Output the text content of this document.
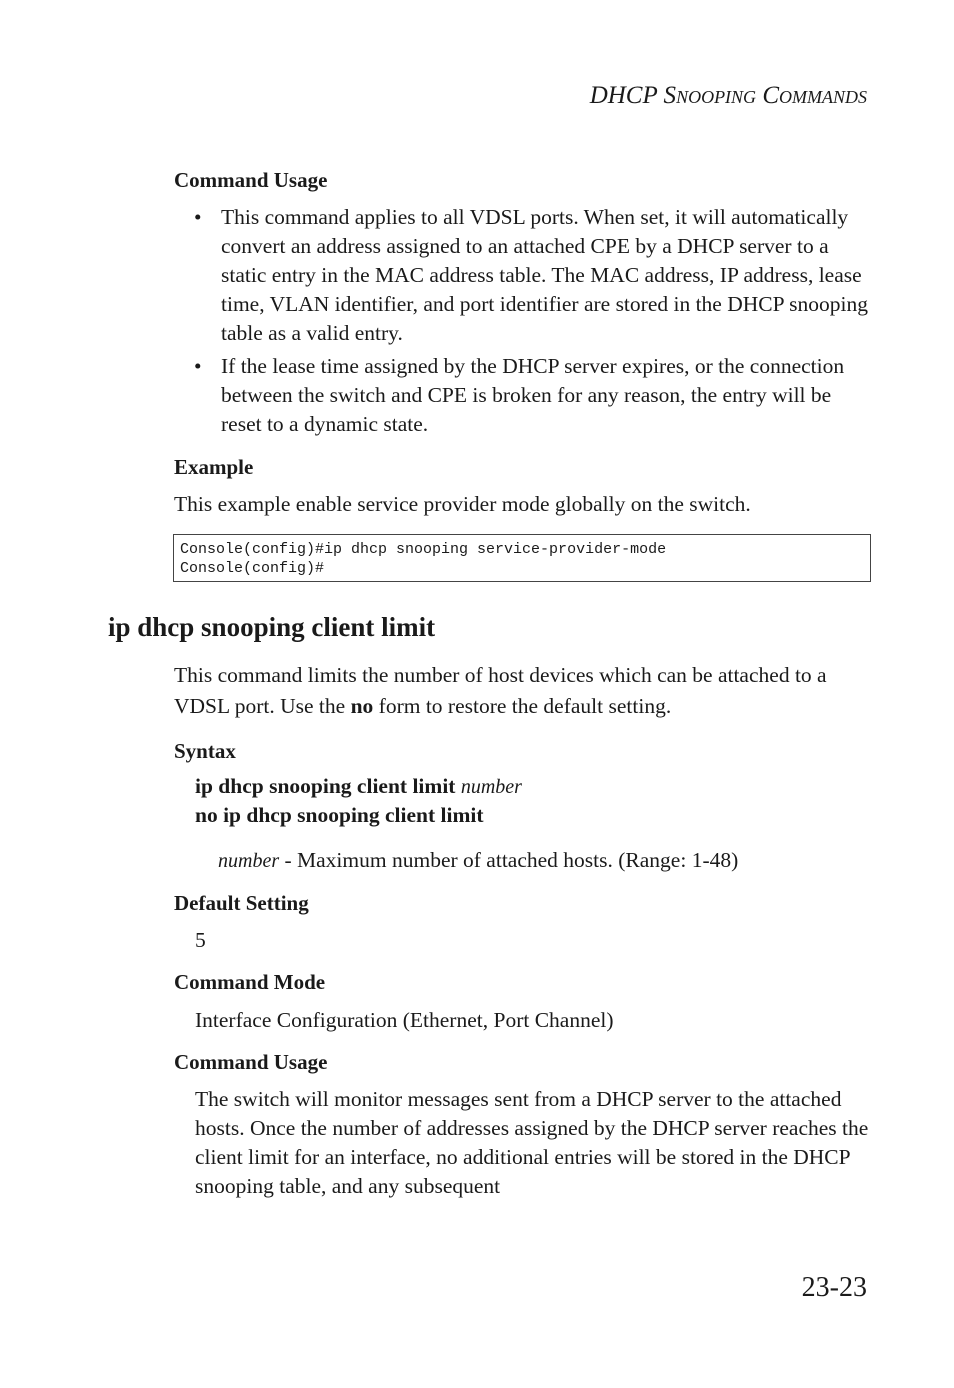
DHCP SNOOPING COMMANDS
Command Usage
• This command applies to all VDSL ports. When set, it will automatically convert an address assigned to an attached CPE by a DHCP server to a static entry in the MAC address table. The MAC address, IP address, lease time, VLAN identifier, and port identifier are stored in the DHCP snooping table as a valid entry.
• If the lease time assigned by the DHCP server expires, or the connection between the switch and CPE is broken for any reason, the entry will be reset to a dynamic state.
Example
This example enable service provider mode globally on the switch.
Console(config)#ip dhcp snooping service-provider-mode
Console(config)#
ip dhcp snooping client limit
This command limits the number of host devices which can be attached to a VDSL port. Use the no form to restore the default setting.
Syntax
ip dhcp snooping client limit number
no ip dhcp snooping client limit
number - Maximum number of attached hosts. (Range: 1-48)
Default Setting
5
Command Mode
Interface Configuration (Ethernet, Port Channel)
Command Usage
The switch will monitor messages sent from a DHCP server to the attached hosts. Once the number of addresses assigned by the DHCP server reaches the client limit for an interface, no additional entries will be stored in the DHCP snooping table, and any subsequent
23-23
